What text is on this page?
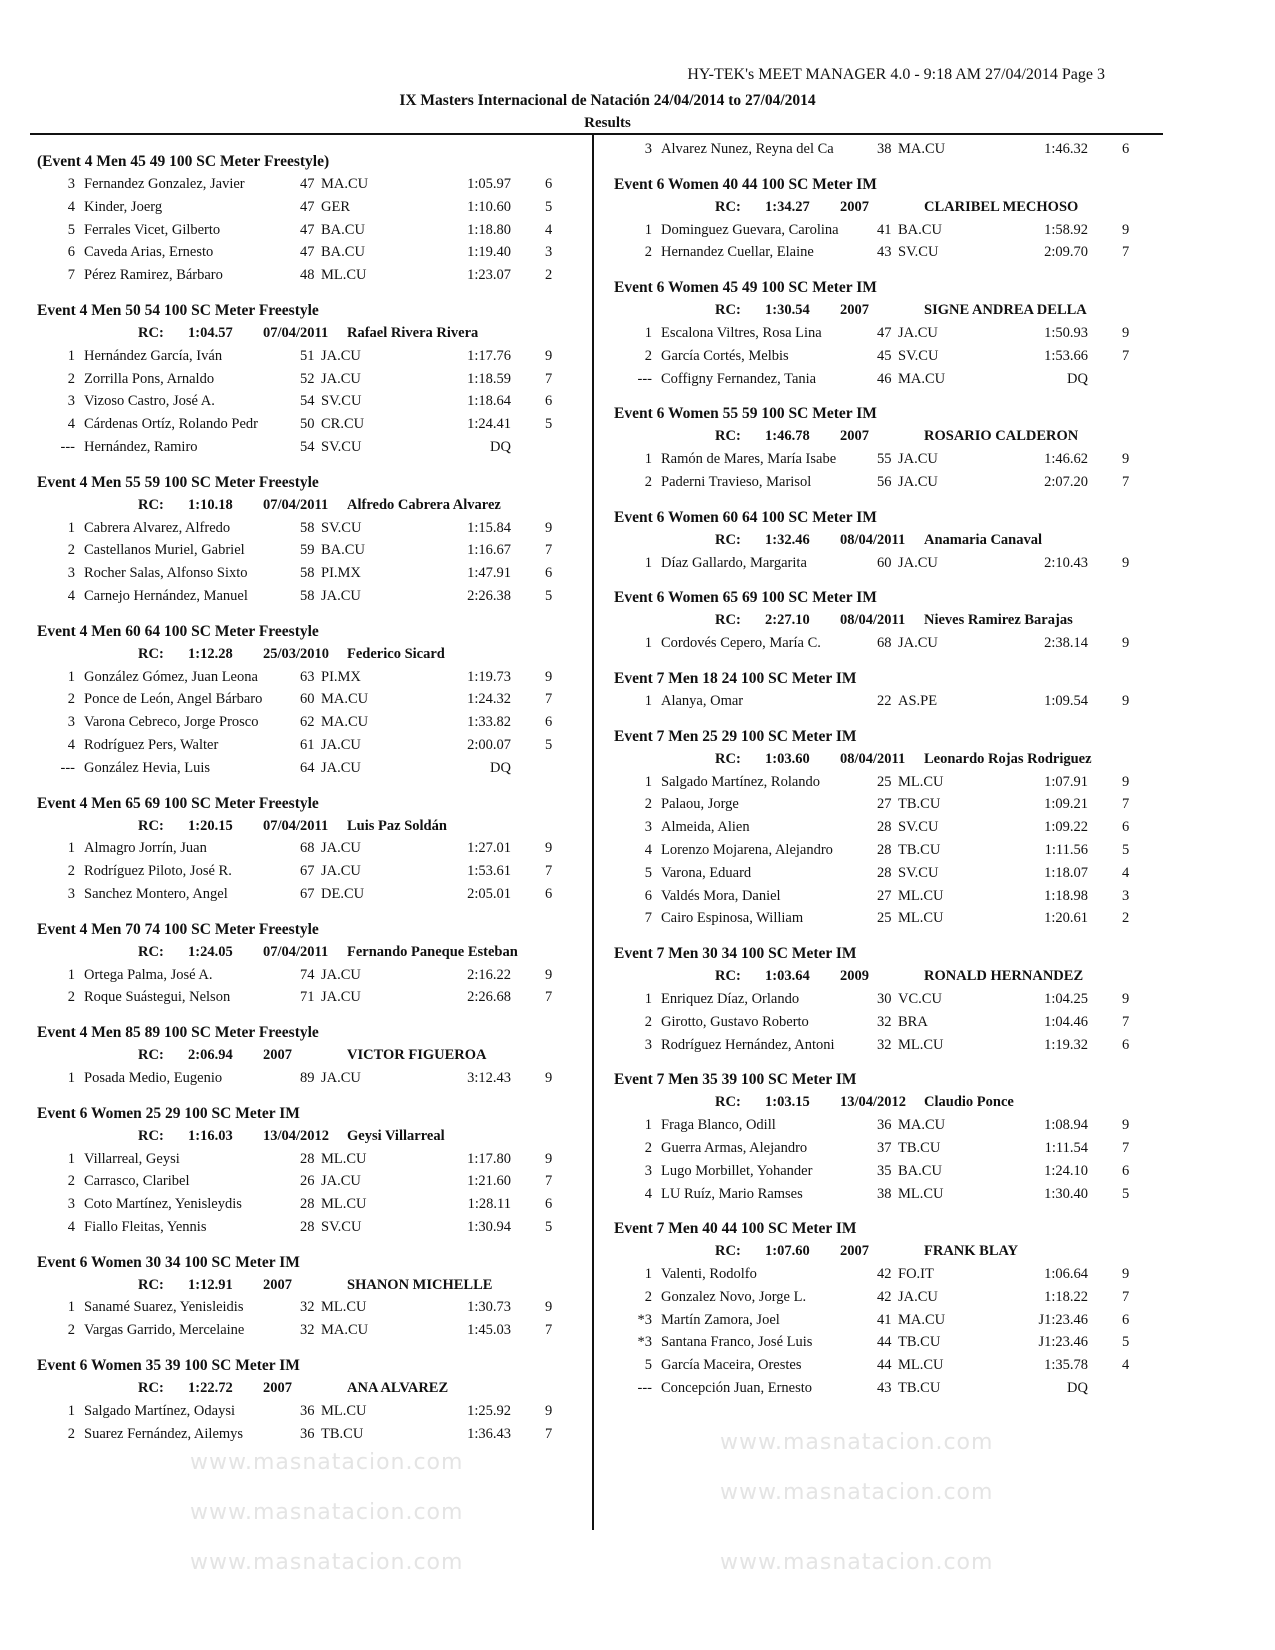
HY-TEK's MEET MANAGER 4.0 - 9:18 AM 27/04/2014 Page 3
IX Masters Internacional de Natación 24/04/2014 to 27/04/2014
Results
www.masnatacion.com
www.masnatacion.com
www.masnatacion.com
www.masnatacion.com
www.masnatacion.com
www.masnatacion.com
(Event 4 Men 45 49 100 SC Meter Freestyle)
3 Fernandez Gonzalez, Javier	47 MA.CU	1:05.97 6
4 Kinder, Joerg	47 GER	1:10.60 5
5 Ferrales Vicet, Gilberto	47 BA.CU	1:18.80 4
6 Caveda Arias, Ernesto	47 BA.CU	1:19.40 3
7 Pérez Ramirez, Bárbaro	48 ML.CU	1:23.07 2
Event 4 Men 50 54 100 SC Meter Freestyle
RC: 1:04.57 07/04/2011 Rafael Rivera Rivera
1 Hernández García, Iván	51 JA.CU	1:17.76 9
2 Zorrilla Pons, Arnaldo	52 JA.CU	1:18.59 7
3 Vizoso Castro, José A.	54 SV.CU	1:18.64 6
4 Cárdenas Ortíz, Rolando Pedr	50 CR.CU	1:24.41 5
--- Hernández, Ramiro	54 SV.CU	DQ
Event 4 Men 55 59 100 SC Meter Freestyle
RC: 1:10.18 07/04/2011 Alfredo Cabrera Alvarez
1 Cabrera Alvarez, Alfredo	58 SV.CU	1:15.84 9
2 Castellanos Muriel, Gabriel	59 BA.CU	1:16.67 7
3 Rocher Salas, Alfonso Sixto	58 PI.MX	1:47.91 6
4 Carnejo Hernández, Manuel	58 JA.CU	2:26.38 5
Event 4 Men 60 64 100 SC Meter Freestyle
RC: 1:12.28 25/03/2010 Federico Sicard
1 González Gómez, Juan Leona	63 PI.MX	1:19.73 9
2 Ponce de León, Angel Bárbaro	60 MA.CU	1:24.32 7
3 Varona Cebreco, Jorge Prosco	62 MA.CU	1:33.82 6
4 Rodríguez Pers, Walter	61 JA.CU	2:00.07 5
--- González Hevia, Luis	64 JA.CU	DQ
Event 4 Men 65 69 100 SC Meter Freestyle
RC: 1:20.15 07/04/2011 Luis Paz Soldán
1 Almagro Jorrín, Juan	68 JA.CU	1:27.01 9
2 Rodríguez Piloto, José R.	67 JA.CU	1:53.61 7
3 Sanchez Montero, Angel	67 DE.CU	2:05.01 6
Event 4 Men 70 74 100 SC Meter Freestyle
RC: 1:24.05 07/04/2011 Fernando Paneque Esteban
1 Ortega Palma, José A.	74 JA.CU	2:16.22 9
2 Roque Suástegui, Nelson	71 JA.CU	2:26.68 7
Event 4 Men 85 89 100 SC Meter Freestyle
RC: 2:06.94 2007	VICTOR FIGUEROA
1 Posada Medio, Eugenio	89 JA.CU	3:12.43 9
Event 6 Women 25 29 100 SC Meter IM
RC: 1:16.03 13/04/2012 Geysi Villarreal
1 Villarreal, Geysi	28 ML.CU	1:17.80 9
2 Carrasco, Claribel	26 JA.CU	1:21.60 7
3 Coto Martínez, Yenisleydis	28 ML.CU	1:28.11 6
4 Fiallo Fleitas, Yennis	28 SV.CU	1:30.94 5
Event 6 Women 30 34 100 SC Meter IM
RC: 1:12.91 2007	SHANON MICHELLE
1 Sanamé Suarez, Yenisleidis	32 ML.CU	1:30.73 9
2 Vargas Garrido, Mercelaine	32 MA.CU	1:45.03 7
Event 6 Women 35 39 100 SC Meter IM
RC: 1:22.72 2007	ANA ALVAREZ
1 Salgado Martínez, Odaysi	36 ML.CU	1:25.92 9
2 Suarez Fernández, Ailemys	36 TB.CU	1:36.43 7
3 Alvarez Nunez, Reyna del Ca	38 MA.CU	1:46.32 6
Event 6 Women 40 44 100 SC Meter IM
RC: 1:34.27 2007	CLARIBEL MECHOSO
1 Dominguez Guevara, Carolina	41 BA.CU	1:58.92 9
2 Hernandez Cuellar, Elaine	43 SV.CU	2:09.70 7
Event 6 Women 45 49 100 SC Meter IM
RC: 1:30.54 2007	SIGNE ANDREA DELLA
1 Escalona Viltres, Rosa Lina	47 JA.CU	1:50.93 9
2 García Cortés, Melbis	45 SV.CU	1:53.66 7
--- Coffigny Fernandez, Tania	46 MA.CU	DQ
Event 6 Women 55 59 100 SC Meter IM
RC: 1:46.78 2007	ROSARIO CALDERON
1 Ramón de Mares, María Isabe	55 JA.CU	1:46.62 9
2 Paderni Travieso, Marisol	56 JA.CU	2:07.20 7
Event 6 Women 60 64 100 SC Meter IM
RC: 1:32.46 08/04/2011 Anamaria Canaval
1 Díaz Gallardo, Margarita	60 JA.CU	2:10.43 9
Event 6 Women 65 69 100 SC Meter IM
RC: 2:27.10 08/04/2011 Nieves Ramirez Barajas
1 Cordovés Cepero, María C.	68 JA.CU	2:38.14 9
Event 7 Men 18 24 100 SC Meter IM
1 Alanya, Omar	22 AS.PE	1:09.54 9
Event 7 Men 25 29 100 SC Meter IM
RC: 1:03.60 08/04/2011 Leonardo Rojas Rodriguez
1 Salgado Martínez, Rolando	25 ML.CU	1:07.91 9
2 Palaou, Jorge	27 TB.CU	1:09.21 7
3 Almeida, Alien	28 SV.CU	1:09.22 6
4 Lorenzo Mojarena, Alejandro	28 TB.CU	1:11.56 5
5 Varona, Eduard	28 SV.CU	1:18.07 4
6 Valdés Mora, Daniel	27 ML.CU	1:18.98 3
7 Cairo Espinosa, William	25 ML.CU	1:20.61 2
Event 7 Men 30 34 100 SC Meter IM
RC: 1:03.64 2009	RONALD HERNANDEZ
1 Enriquez Díaz, Orlando	30 VC.CU	1:04.25 9
2 Girotto, Gustavo Roberto	32 BRA	1:04.46 7
3 Rodríguez Hernández, Antoni	32 ML.CU	1:19.32 6
Event 7 Men 35 39 100 SC Meter IM
RC: 1:03.15 13/04/2012 Claudio Ponce
1 Fraga Blanco, Odill	36 MA.CU	1:08.94 9
2 Guerra Armas, Alejandro	37 TB.CU	1:11.54 7
3 Lugo Morbillet, Yohander	35 BA.CU	1:24.10 6
4 LU Ruíz, Mario Ramses	38 ML.CU	1:30.40 5
Event 7 Men 40 44 100 SC Meter IM
RC: 1:07.60 2007	FRANK BLAY
1 Valenti, Rodolfo	42 FO.IT	1:06.64 9
2 Gonzalez Novo, Jorge L.	42 JA.CU	1:18.22 7
*3 Martín Zamora, Joel	41 MA.CU	J1:23.46 6
*3 Santana Franco, José Luis	44 TB.CU	J1:23.46 5
5 García Maceira, Orestes	44 ML.CU	1:35.78 4
--- Concepción Juan, Ernesto	43 TB.CU	DQ
